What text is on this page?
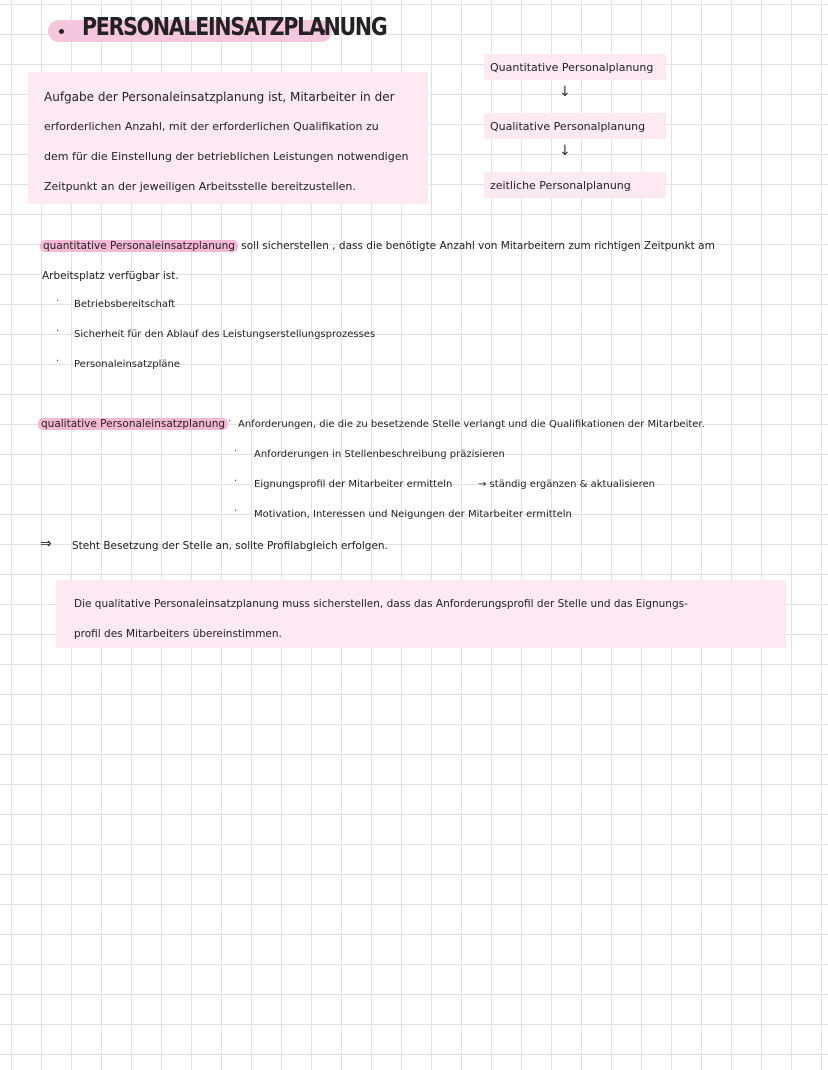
PERSONALEINSATZPLANUNG
Aufgabe der Personaleinsatzplanung ist, Mitarbeiter in der
erforderlichen Anzahl, mit der erforderlichen Qualifikation zu
dem für die Einstellung der betrieblichen Leistungen notwendigen
Zeitpunkt an der jeweiligen Arbeitsstelle bereitzustellen.
Quantitative Personalplanung
↓
Qualitative Personalplanung
↓
zeitliche Personalplanung
quantitative Personaleinsatzplanung soll sicherstellen , dass die benötigte Anzahl von Mitarbeitern zum richtigen Zeitpunkt am
Arbeitsplatz verfügbar ist.
· Betriebsbereitschaft
· Sicherheit für den Ablauf des Leistungserstellungsprozesses
· Personaleinsatzpläne
qualitative Personaleinsatzplanung · Anforderungen, die die zu besetzende Stelle verlangt und die Qualifikationen der Mitarbeiter.
· Anforderungen in Stellenbeschreibung präzisieren
· Eignungsprofil der Mitarbeiter ermitteln	→ ständig ergänzen & aktualisieren
· Motivation, Interessen und Neigungen der Mitarbeiter ermitteln
⇒ Steht Besetzung der Stelle an, sollte Profilabgleich erfolgen.
Die qualitative Personaleinsatzplanung muss sicherstellen, dass das Anforderungsprofil der Stelle und das Eignungs-
profil des Mitarbeiters übereinstimmen.
